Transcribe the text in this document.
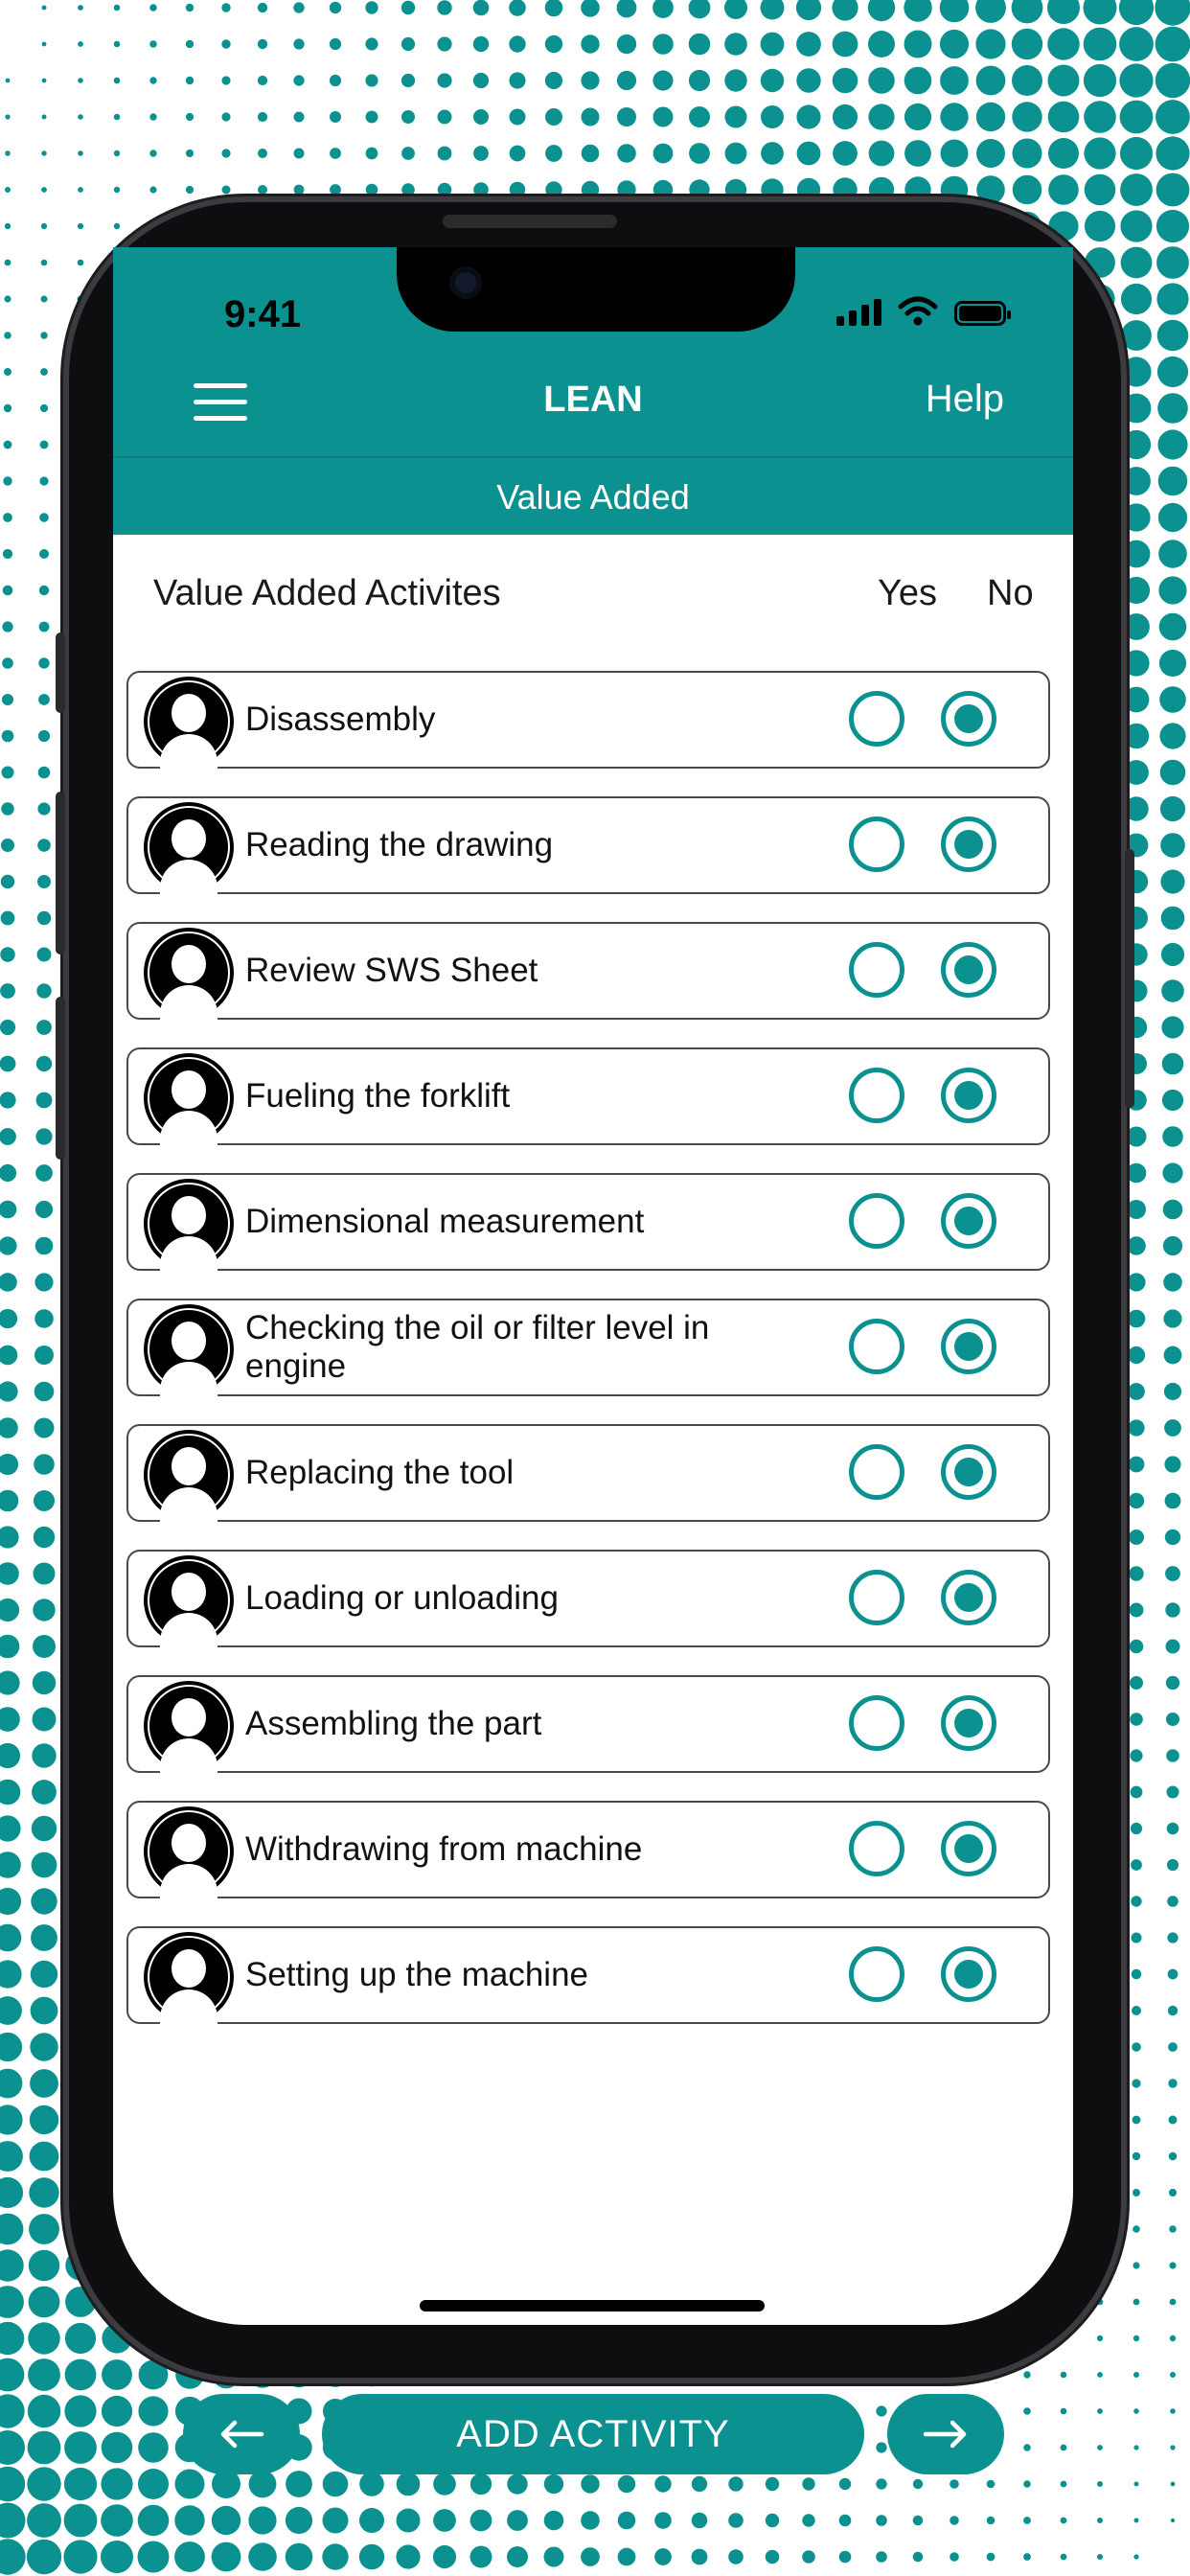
9:41
LEAN	Help
Value Added
Value Added Activites	Yes No
Disassembly
Reading the drawing
Review SWS Sheet
Fueling the forklift
Dimensional measurement
Checking the oil or filter level in engine
Replacing the tool
Loading or unloading
Assembling the part
Withdrawing from machine
Setting up the machine
ADD ACTIVITY
